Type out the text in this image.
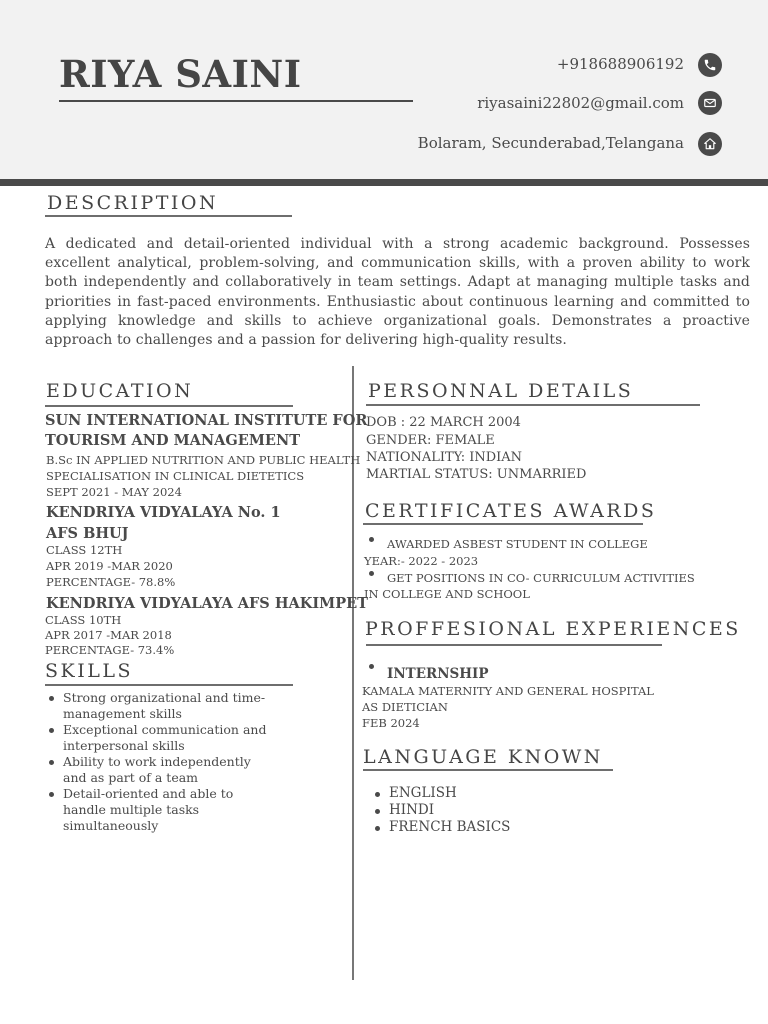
RIYA SAINI	+918688906192
riyasaini22802@gmail.com
Bolaram, Secunderabad,Telangana
DESCRIPTION
A dedicated and detail-oriented individual with a strong academic background. Possesses excellent analytical, problem-solving, and communication skills, with a proven ability to work both independently and collaboratively in team settings. Adapt at managing multiple tasks and priorities in fast-paced environments. Enthusiastic about continuous learning and committed to applying knowledge and skills to achieve organizational goals. Demonstrates a proactive approach to challenges and a passion for delivering high-quality results.
EDUCATION
SUN INTERNATIONAL INSTITUTE FOR
TOURISM AND MANAGEMENT
B.Sc IN APPLIED NUTRITION AND PUBLIC HEALTH
SPECIALISATION IN CLINICAL DIETETICS
SEPT 2021 - MAY 2024
KENDRIYA VIDYALAYA No. 1
AFS BHUJ
CLASS 12TH
APR 2019 -MAR 2020
PERCENTAGE- 78.8%
KENDRIYA VIDYALAYA AFS HAKIMPET
CLASS 10TH
APR 2017 -MAR 2018
PERCENTAGE- 73.4%
SKILLS
Strong organizational and time-
management skills
Exceptional communication and
interpersonal skills
Ability to work independently
and as part of a team
Detail-oriented and able to
handle multiple tasks
simultaneously
PERSONNAL DETAILS
DOB : 22 MARCH 2004
GENDER: FEMALE
NATIONALITY: INDIAN
MARTIAL STATUS: UNMARRIED
CERTIFICATES AWARDS
AWARDED ASBEST STUDENT IN COLLEGE
YEAR:- 2022 - 2023
GET POSITIONS IN CO- CURRICULUM ACTIVITIES
IN COLLEGE AND SCHOOL
PROFFESIONAL EXPERIENCES
INTERNSHIP
KAMALA MATERNITY AND GENERAL HOSPITAL
AS DIETICIAN
FEB 2024
LANGUAGE KNOWN
ENGLISH
HINDI
FRENCH BASICS
